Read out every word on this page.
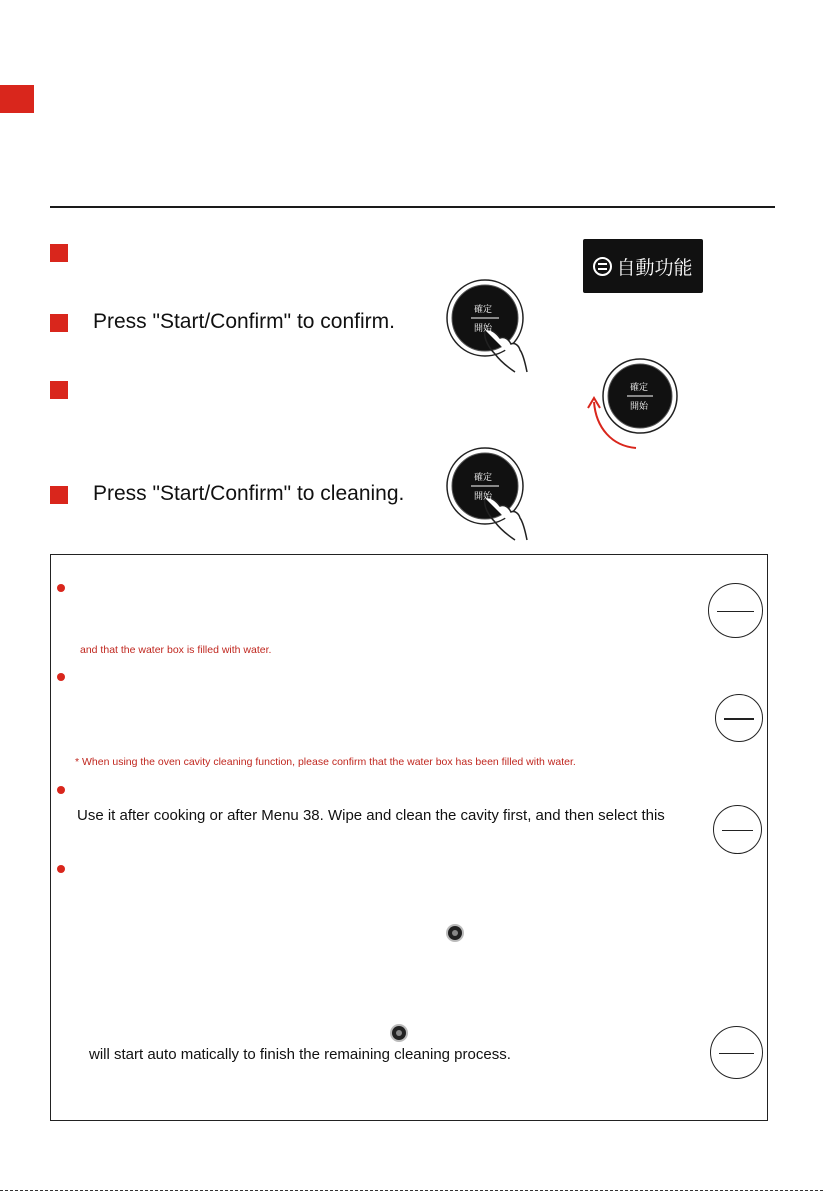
自動功能
Press "Start/Confirm" to confirm.
確定
開始
確定
開始
Press "Start/Confirm" to cleaning.
確定
開始
and that the water box is filled with water.
* When using the oven cavity cleaning function, please confirm that the water box has been filled with water.
Use it after cooking or after Menu 38. Wipe and clean the cavity first, and then select this
will start auto matically to finish the remaining cleaning process.
